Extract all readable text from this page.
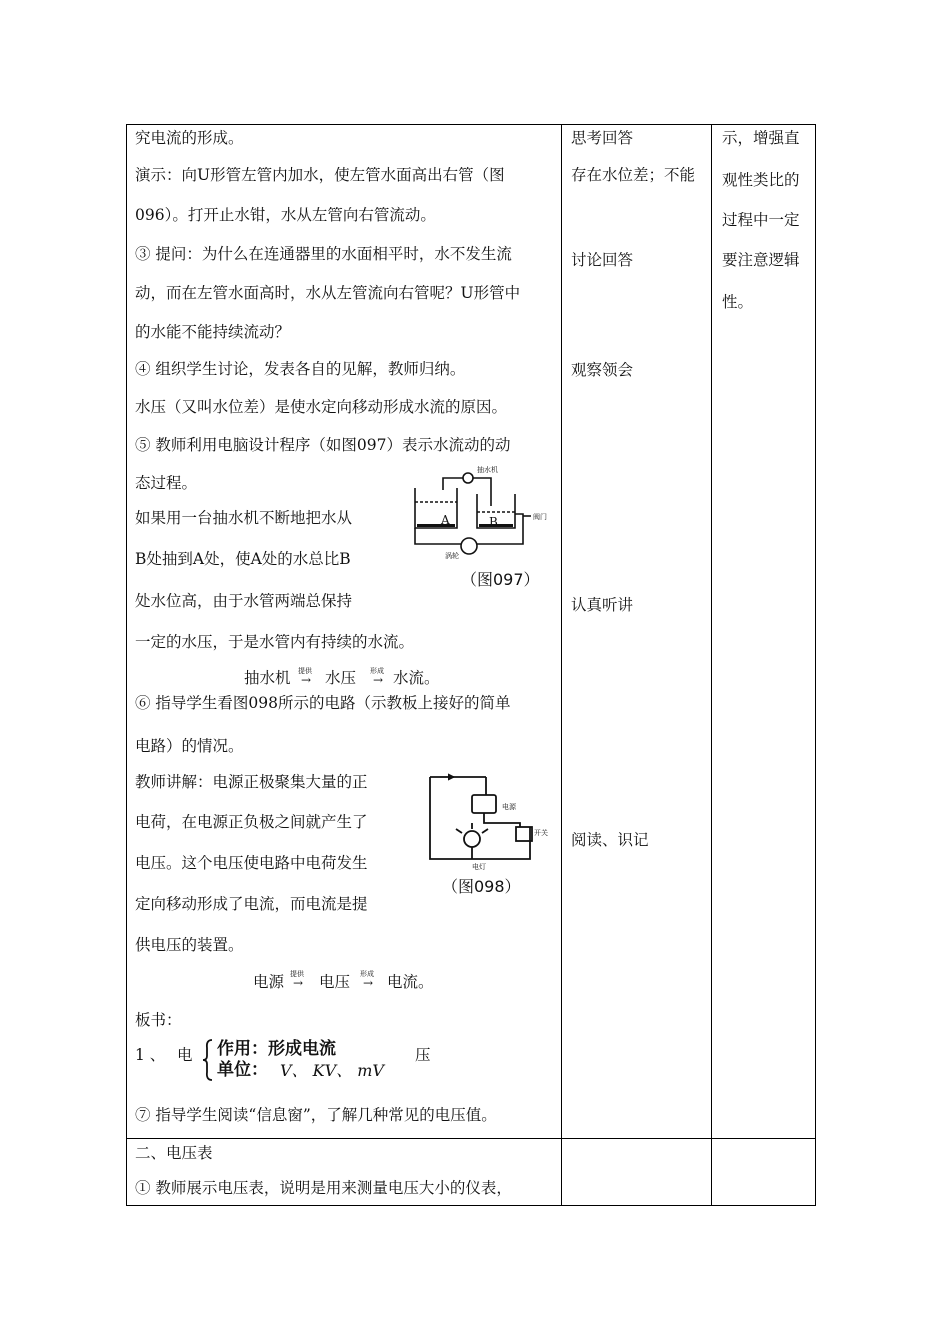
究电流的形成。
演示：向U形管左管内加水，使左管水面高出右管（图
096）。打开止水钳，水从左管向右管流动。
③ 提问：为什么在连通器里的水面相平时，水不发生流
动，而在左管水面高时，水从左管流向右管呢？U形管中
的水能不能持续流动？
④ 组织学生讨论，发表各自的见解，教师归纳。
水压（又叫水位差）是使水定向移动形成水流的原因。
⑤ 教师利用电脑设计程序（如图097）表示水流动的动
态过程。
如果用一台抽水机不断地把水从
B处抽到A处，使A处的水总比B
处水位高，由于水管两端总保持
一定的水压，于是水管内有持续的水流。
抽水机 提供
→ 水压 形成
→ 水流。
⑥ 指导学生看图098所示的电路（示教板上接好的简单
电路）的情况。
教师讲解：电源正极聚集大量的正
电荷，在电源正负极之间就产生了
电压。这个电压使电路中电荷发生
定向移动形成了电流，而电流是提
供电压的装置。
电源 提供
→ 电压 形成
→ 电流。
板书：
1 、 电 作用：形成电流
单位： V、 KV、 mV
压
⑦ 指导学生阅读“信息窗”，了解几种常见的电压值。
二、电压表
① 教师展示电压表，说明是用来测量电压大小的仪表，
思考回答
存在水位差；不能
讨论回答
观察领会
认真听讲
阅读、识记
示，增强直
观性类比的
过程中一定
要注意逻辑
性。
A	B
抽水机
阀门
涡轮
（图097）
电源
开关
电灯
（图098）
